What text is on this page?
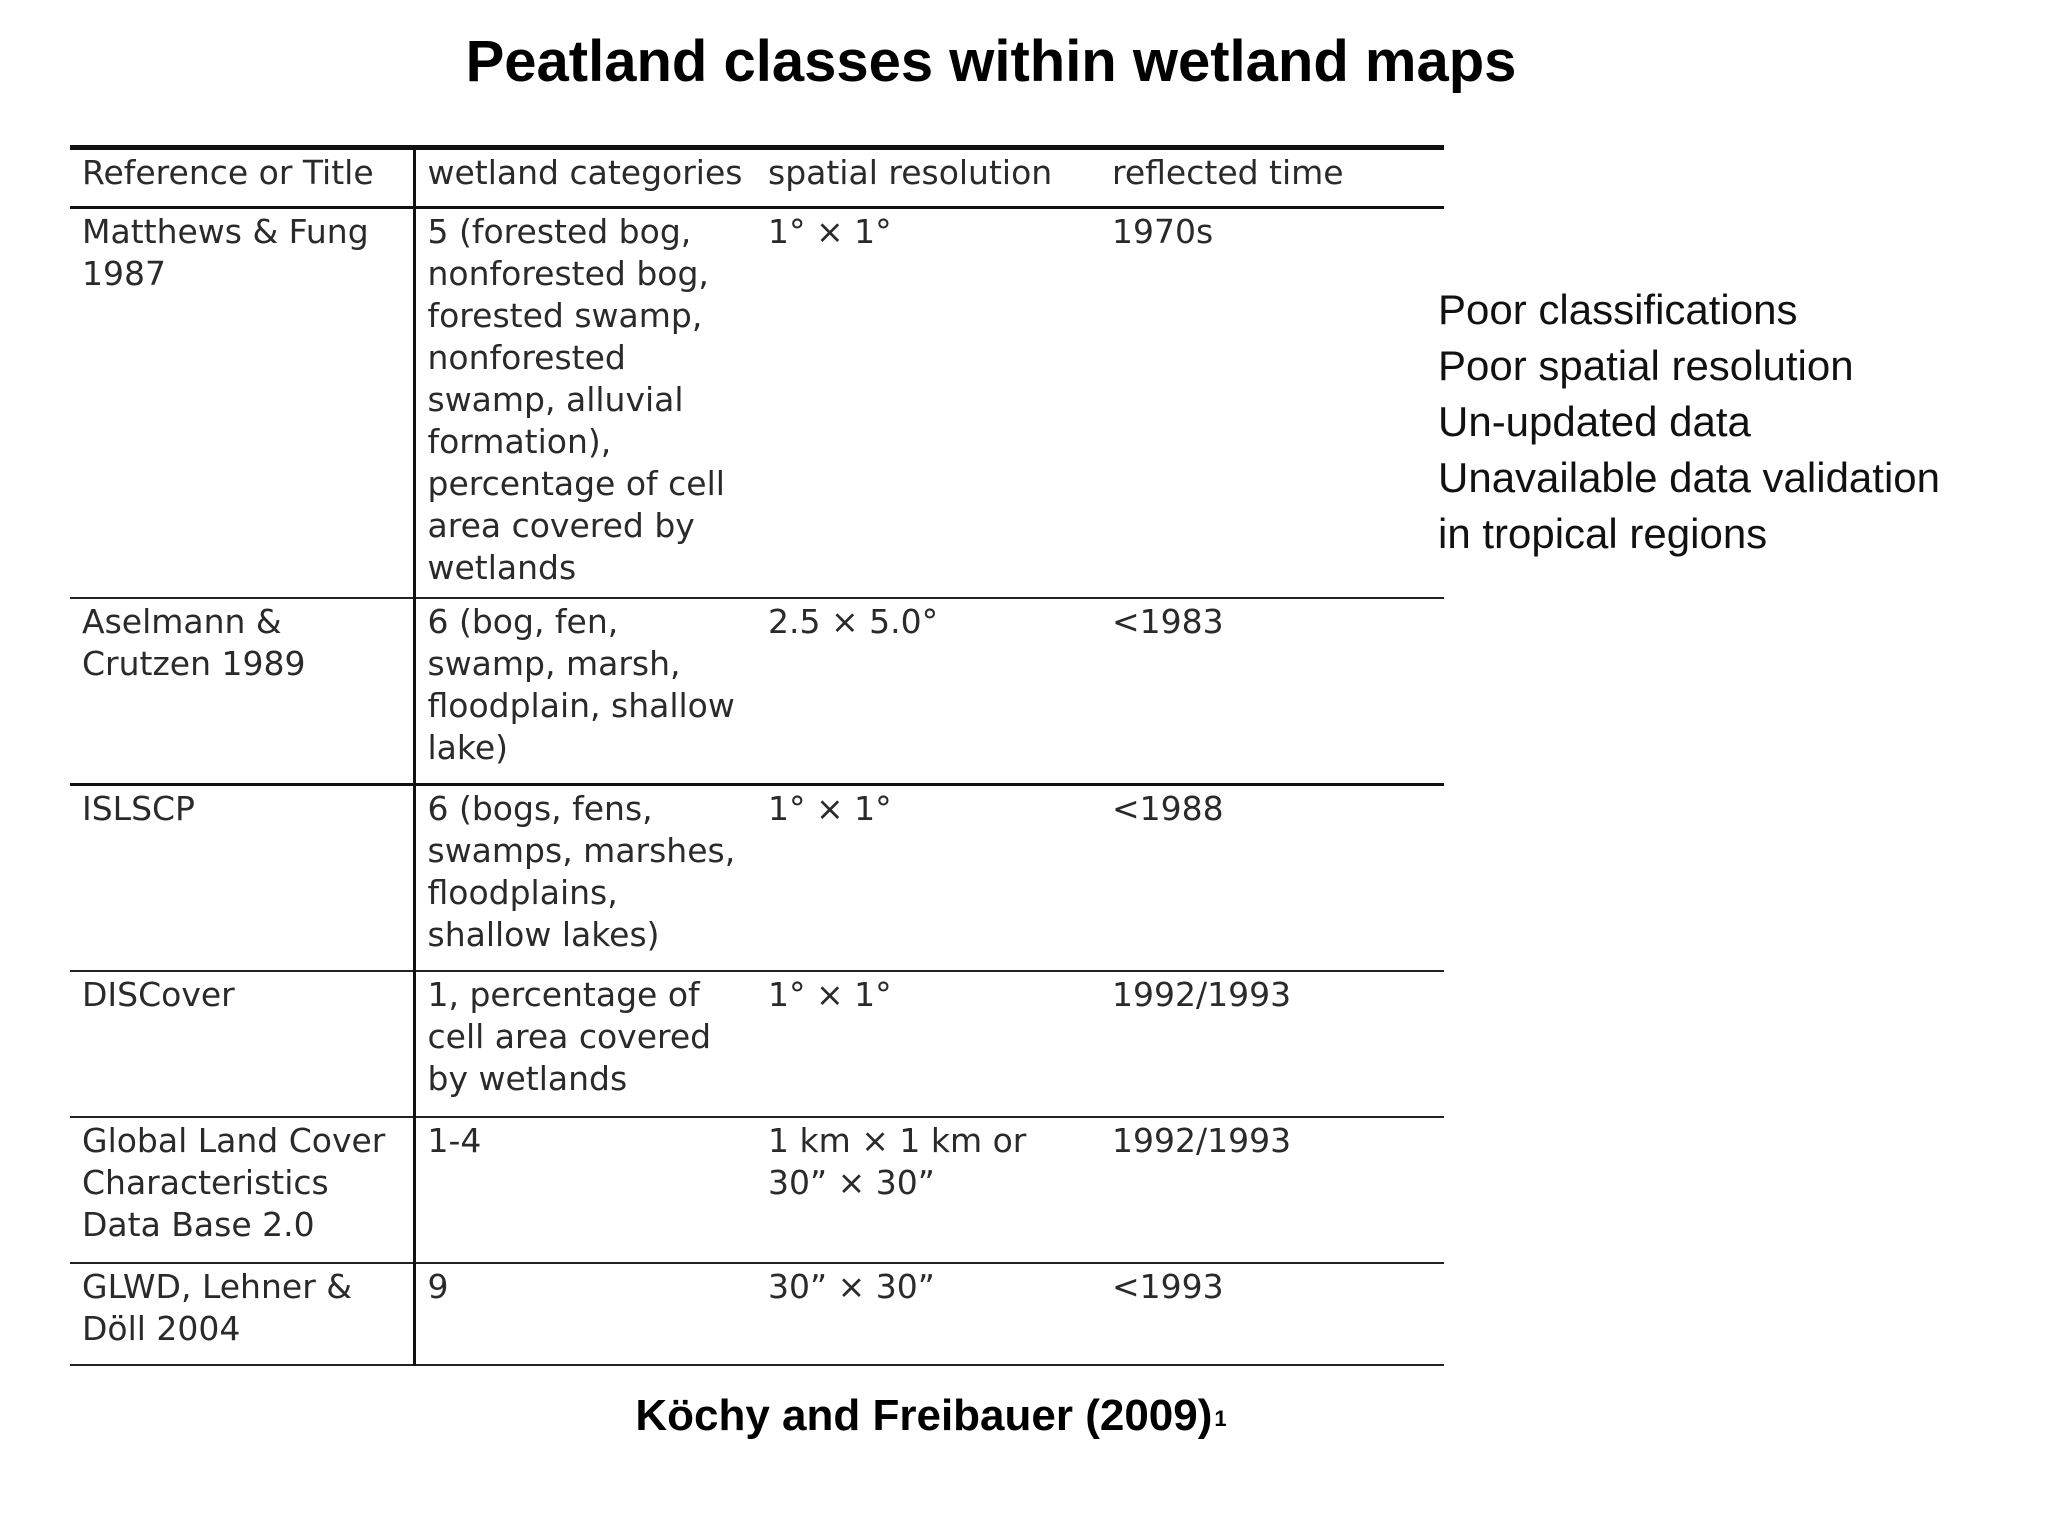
Peatland classes within wetland maps
Reference or Title	wetland categories	spatial resolution	reflected time
Matthews & Fung 1987	5 (forested bog, nonforested bog, forested swamp, nonforested swamp, alluvial formation), percentage of cell area covered by wetlands	1° × 1°	1970s
Aselmann & Crutzen 1989	6 (bog, fen, swamp, marsh, floodplain, shallow lake)	2.5 × 5.0°	<1983
ISLSCP	6 (bogs, fens, swamps, marshes, floodplains, shallow lakes)	1° × 1°	<1988
DISCover	1, percentage of cell area covered by wetlands	1° × 1°	1992/1993
Global Land Cover Characteristics Data Base 2.0	1-4	1 km × 1 km or 30” × 30”	1992/1993
GLWD, Lehner & Döll 2004	9	30” × 30”	<1993
Poor classifications
Poor spatial resolution
Un-updated data
Unavailable data validation
in tropical regions

Köchy and Freibauer $(2009)^1$
